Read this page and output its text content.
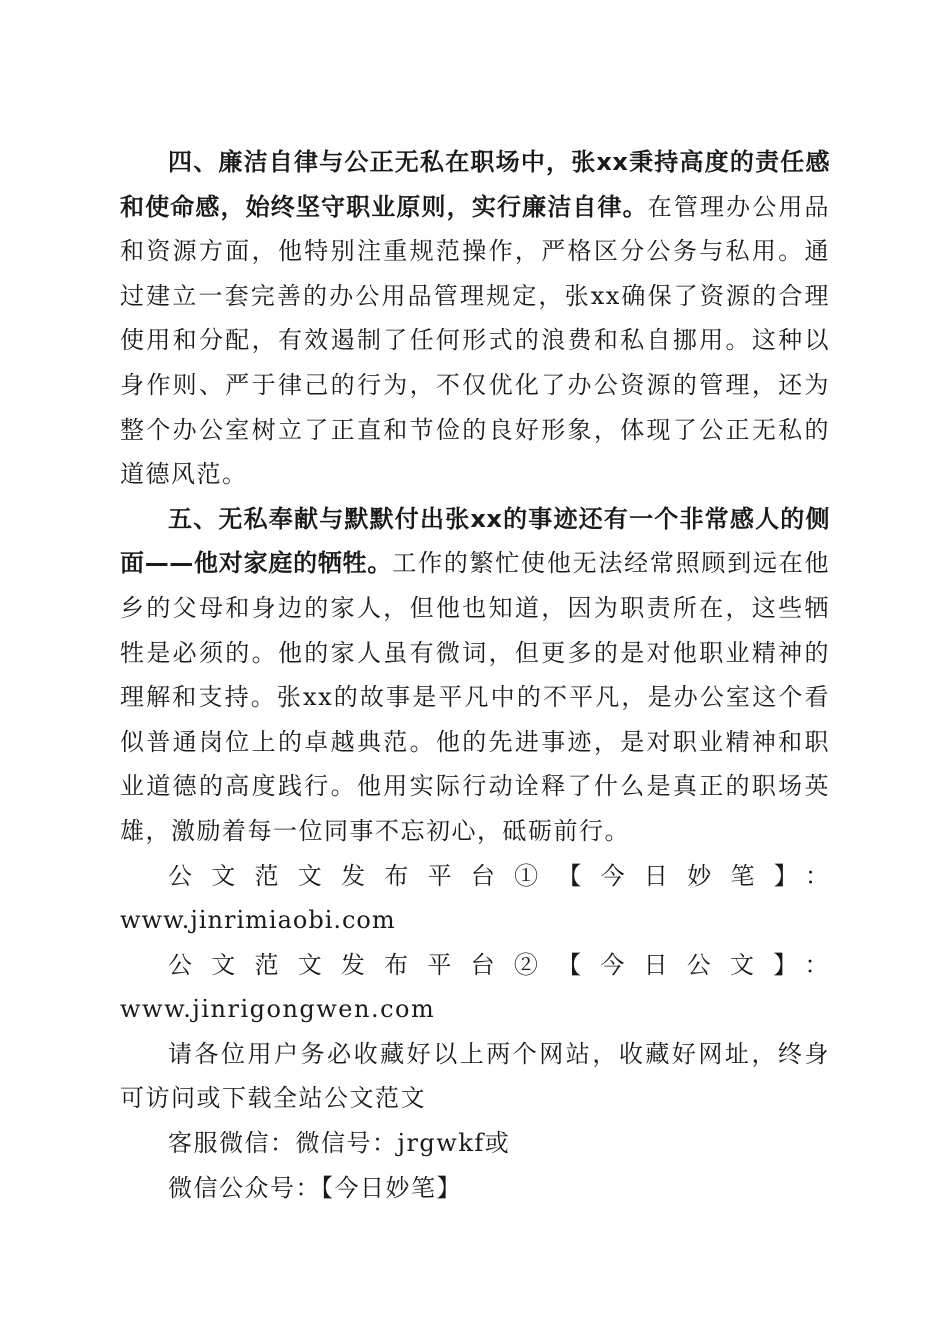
四、廉洁自律与公正无私在职场中，张xx秉持高度的责任感和使命感，始终坚守职业原则，实行廉洁自律。在管理办公用品和资源方面，他特别注重规范操作，严格区分公务与私用。通过建立一套完善的办公用品管理规定，张xx确保了资源的合理使用和分配，有效遏制了任何形式的浪费和私自挪用。这种以身作则、严于律己的行为，不仅优化了办公资源的管理，还为整个办公室树立了正直和节俭的良好形象，体现了公正无私的道德风范。

五、无私奉献与默默付出张xx的事迹还有一个非常感人的侧面——他对家庭的牺牲。工作的繁忙使他无法经常照顾到远在他乡的父母和身边的家人，但他也知道，因为职责所在，这些牺牲是必须的。他的家人虽有微词，但更多的是对他职业精神的理解和支持。张xx的故事是平凡中的不平凡，是办公室这个看似普通岗位上的卓越典范。他的先进事迹，是对职业精神和职业道德的高度践行。他用实际行动诠释了什么是真正的职场英雄，激励着每一位同事不忘初心，砥砺前行。

公文范文发布平台①【今日妙笔】：www.jinrimiaobi.com

公文范文发布平台②【今日公文】：www.jinrigongwen.com

请各位用户务必收藏好以上两个网站，收藏好网址，终身可访问或下载全站公文范文

客服微信：微信号：jrgwkf或

微信公众号：【今日妙笔】
